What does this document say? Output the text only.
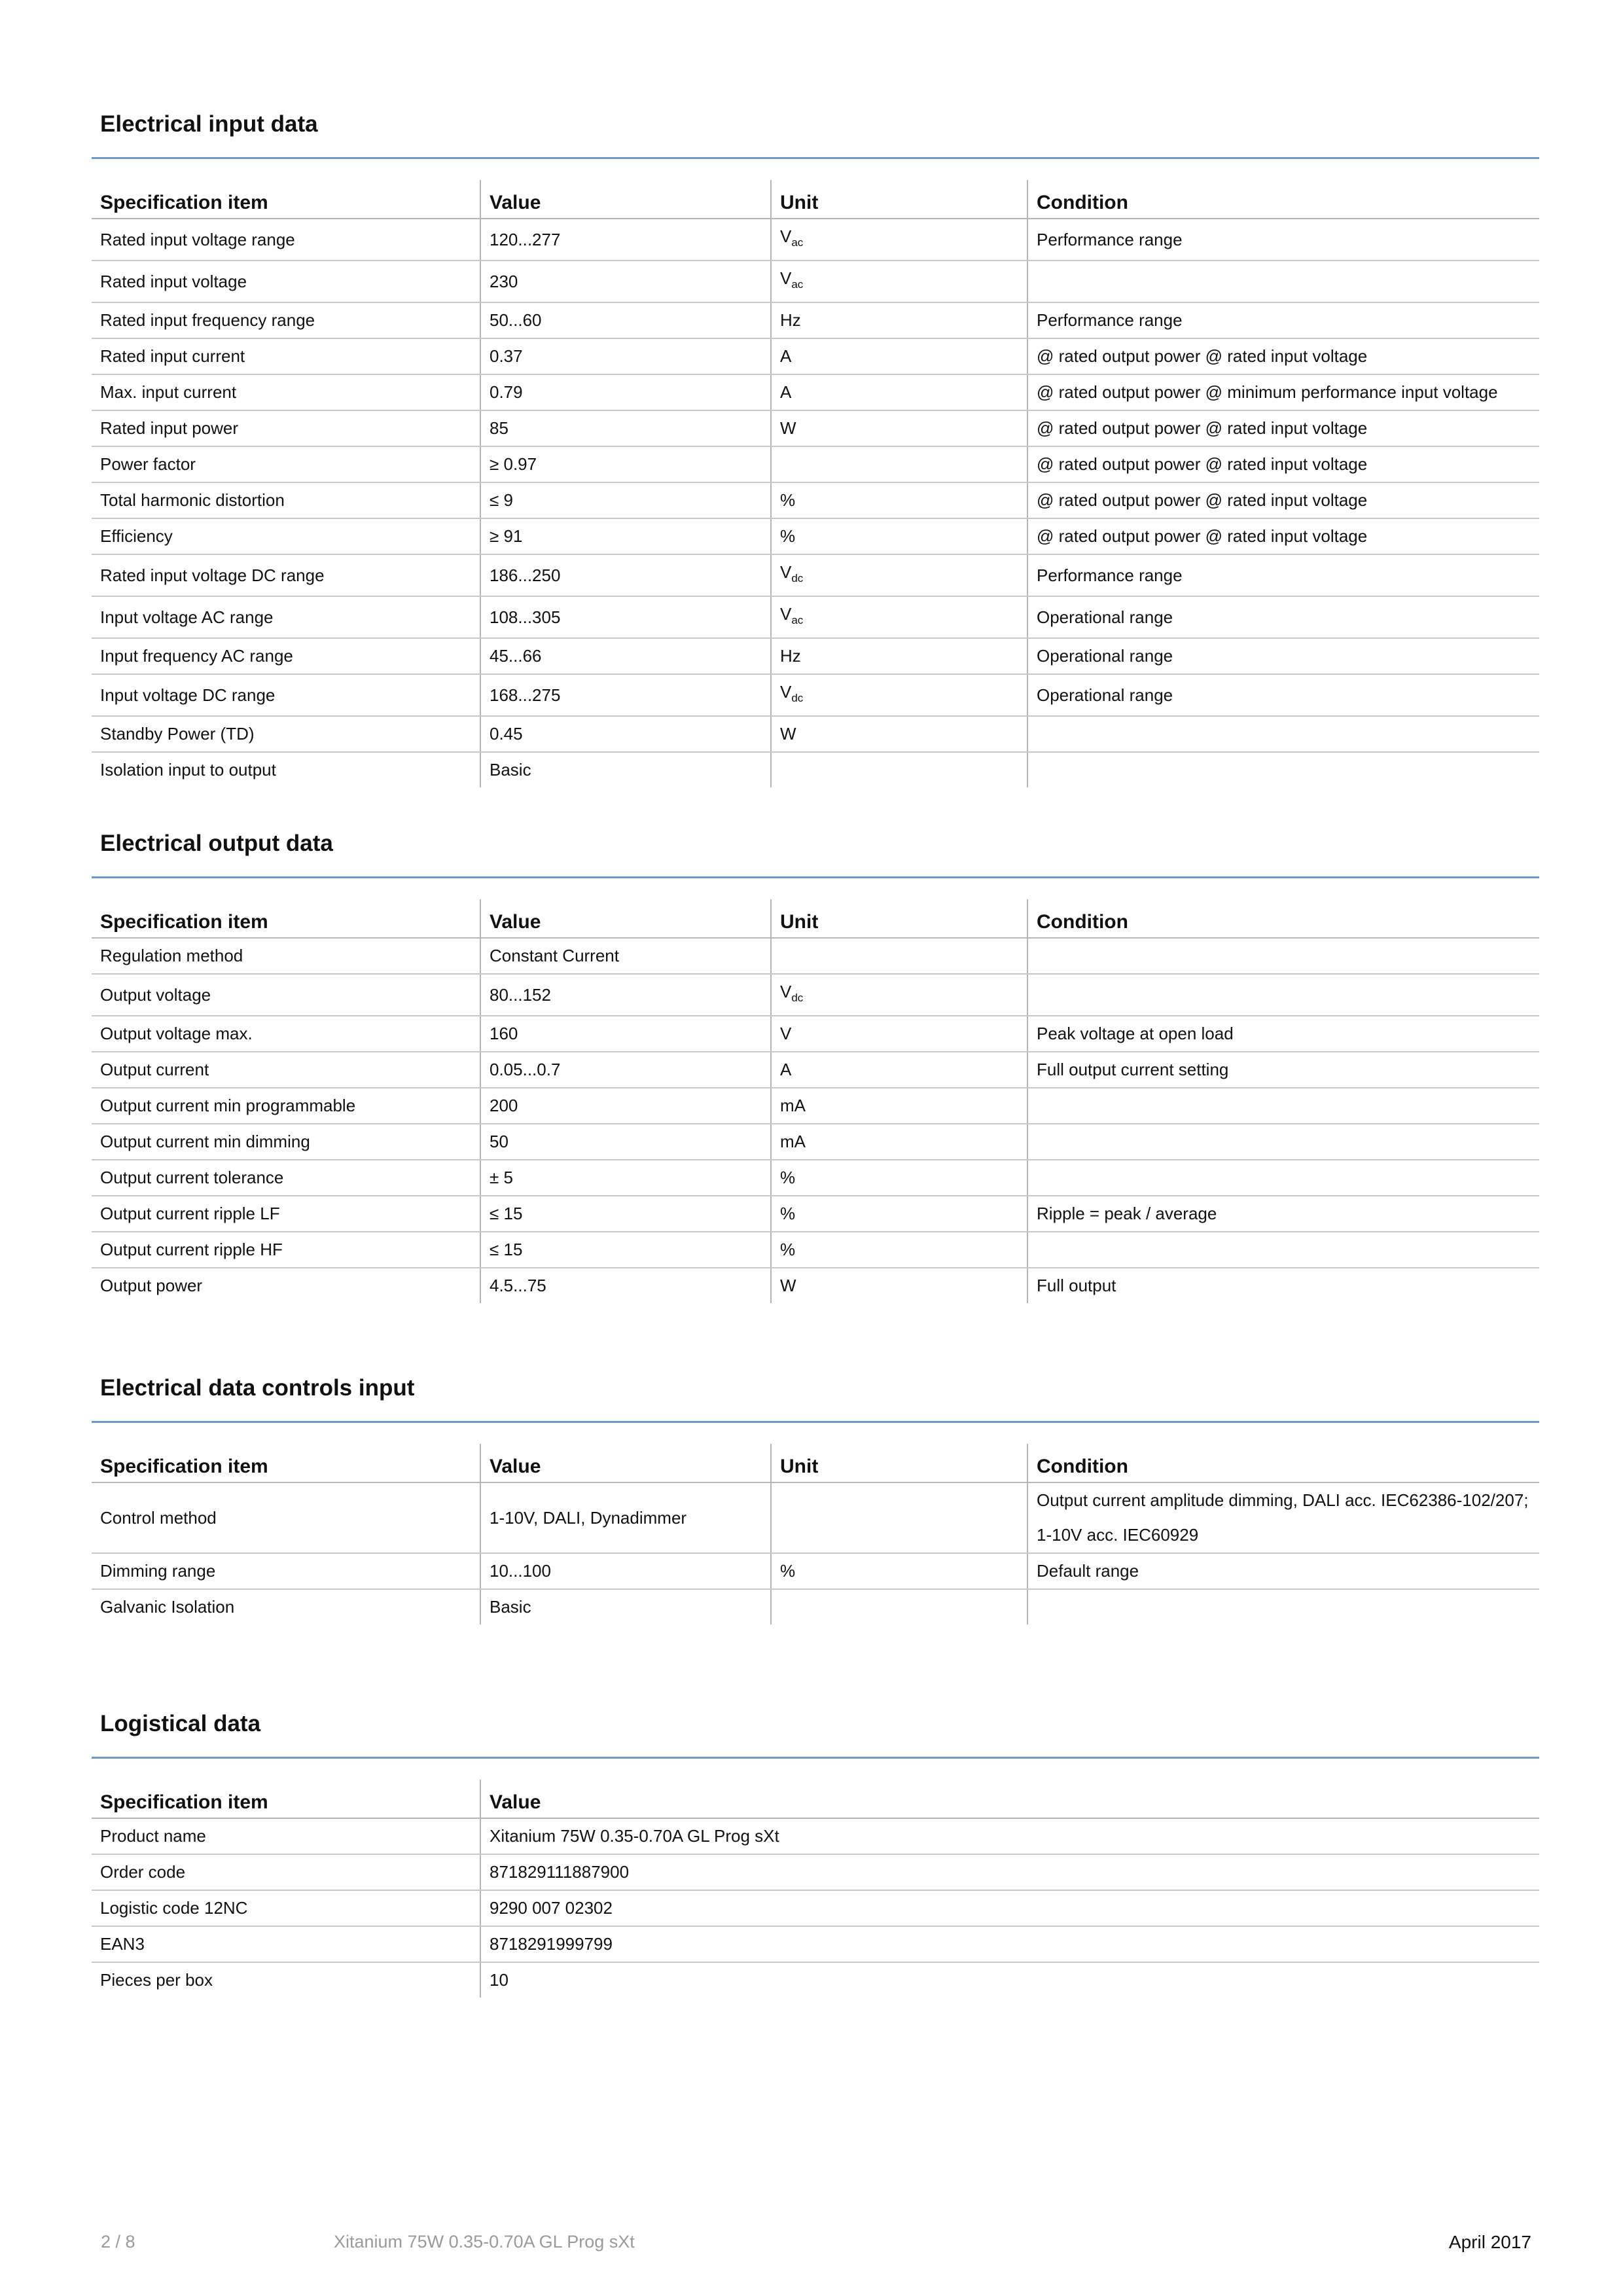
Electrical input data
Specification item	Value	Unit	Condition
Rated input voltage range	120...277	$V_{ac}$	Performance range

Rated input voltage	230	$V_{ac}$	

Rated input frequency range	50...60	Hz	Performance range

Rated input current	0.37	A	@ rated output power @ rated input voltage

Max. input current	0.79	A	@ rated output power @ minimum performance input voltage

Rated input power	85	W	@ rated output power @ rated input voltage

Power factor	≥ 0.97		@ rated output power @ rated input voltage

Total harmonic distortion	≤ 9	%	@ rated output power @ rated input voltage

Efficiency	≥ 91	%	@ rated output power @ rated input voltage

Rated input voltage DC range	186...250	$V_{dc}$	Performance range

Input voltage AC range	108...305	$V_{ac}$	Operational range

Input frequency AC range	45...66	Hz	Operational range

Input voltage DC range	168...275	$V_{dc}$	Operational range

Standby Power (TD)	0.45	W	

Isolation input to output	Basic		
Electrical output data
Specification item	Value	Unit	Condition
Regulation method	Constant Current		

Output voltage	80...152	$V_{dc}$	

Output voltage max.	160	V	Peak voltage at open load

Output current	0.05...0.7	A	Full output current setting

Output current min programmable	200	mA	

Output current min dimming	50	mA	

Output current tolerance	± 5	%	

Output current ripple LF	≤ 15	%	Ripple = peak / average

Output current ripple HF	≤ 15	%	

Output power	4.5...75	W	Full output
Electrical data controls input
Specification item	Value	Unit	Condition
Control method	1-10V, DALI, Dynadimmer		Output current amplitude dimming, DALI acc. IEC62386-102/207;
1-10V acc. IEC60929

Dimming range	10...100	%	Default range

Galvanic Isolation	Basic		
Logistical data
Specification item	Value
Product name	Xitanium 75W 0.35-0.70A GL Prog sXt
Order code	871829111887900
Logistic code 12NC	9290 007 02302
EAN3	8718291999799
Pieces per box	10
2 / 8	Xitanium 75W 0.35-0.70A GL Prog sXt	April 2017
